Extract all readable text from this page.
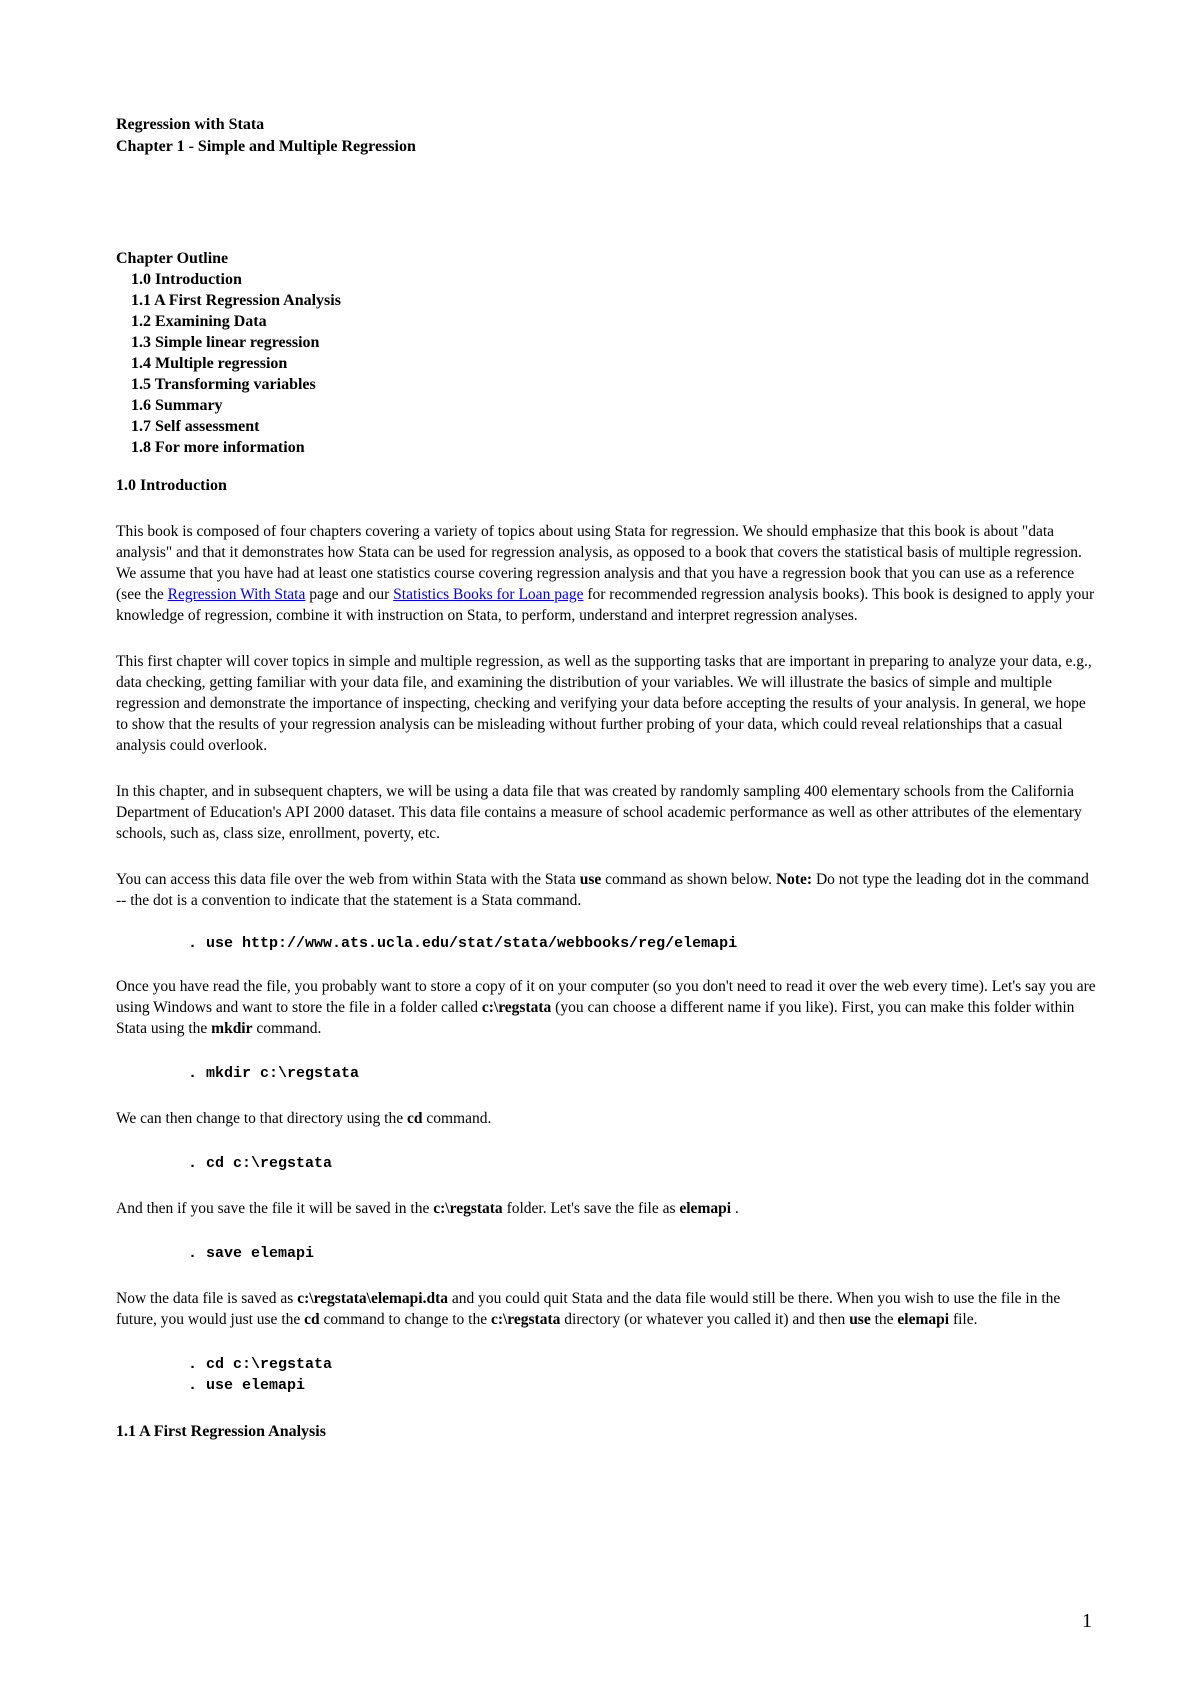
Regression with Stata
Chapter 1 - Simple and Multiple Regression
Chapter Outline
1.0 Introduction
1.1 A First Regression Analysis
1.2 Examining Data
1.3 Simple linear regression
1.4 Multiple regression
1.5 Transforming variables
1.6 Summary
1.7 Self assessment
1.8 For more information
1.0 Introduction

This book is composed of four chapters covering a variety of topics about using Stata for regression. We should emphasize that this book is about "data analysis" and that it demonstrates how Stata can be used for regression analysis, as opposed to a book that covers the statistical basis of multiple regression. We assume that you have had at least one statistics course covering regression analysis and that you have a regression book that you can use as a reference (see the Regression With Stata page and our Statistics Books for Loan page for recommended regression analysis books). This book is designed to apply your knowledge of regression, combine it with instruction on Stata, to perform, understand and interpret regression analyses.

This first chapter will cover topics in simple and multiple regression, as well as the supporting tasks that are important in preparing to analyze your data, e.g., data checking, getting familiar with your data file, and examining the distribution of your variables. We will illustrate the basics of simple and multiple regression and demonstrate the importance of inspecting, checking and verifying your data before accepting the results of your analysis. In general, we hope to show that the results of your regression analysis can be misleading without further probing of your data, which could reveal relationships that a casual analysis could overlook.

In this chapter, and in subsequent chapters, we will be using a data file that was created by randomly sampling 400 elementary schools from the California Department of Education's API 2000 dataset. This data file contains a measure of school academic performance as well as other attributes of the elementary schools, such as, class size, enrollment, poverty, etc.

You can access this data file over the web from within Stata with the Stata use command as shown below. Note: Do not type the leading dot in the command -- the dot is a convention to indicate that the statement is a Stata command.

. use http://www.ats.ucla.edu/stat/stata/webbooks/reg/elemapi

Once you have read the file, you probably want to store a copy of it on your computer (so you don't need to read it over the web every time). Let's say you are using Windows and want to store the file in a folder called c:\regstata (you can choose a different name if you like). First, you can make this folder within Stata using the mkdir command.

. mkdir c:\regstata

We can then change to that directory using the cd command.

. cd c:\regstata

And then if you save the file it will be saved in the c:\regstata folder. Let's save the file as elemapi .

. save elemapi

Now the data file is saved as c:\regstata\elemapi.dta and you could quit Stata and the data file would still be there. When you wish to use the file in the future, you would just use the cd command to change to the c:\regstata directory (or whatever you called it) and then use the elemapi file.

. cd c:\regstata
. use elemapi
1.1 A First Regression Analysis
1
